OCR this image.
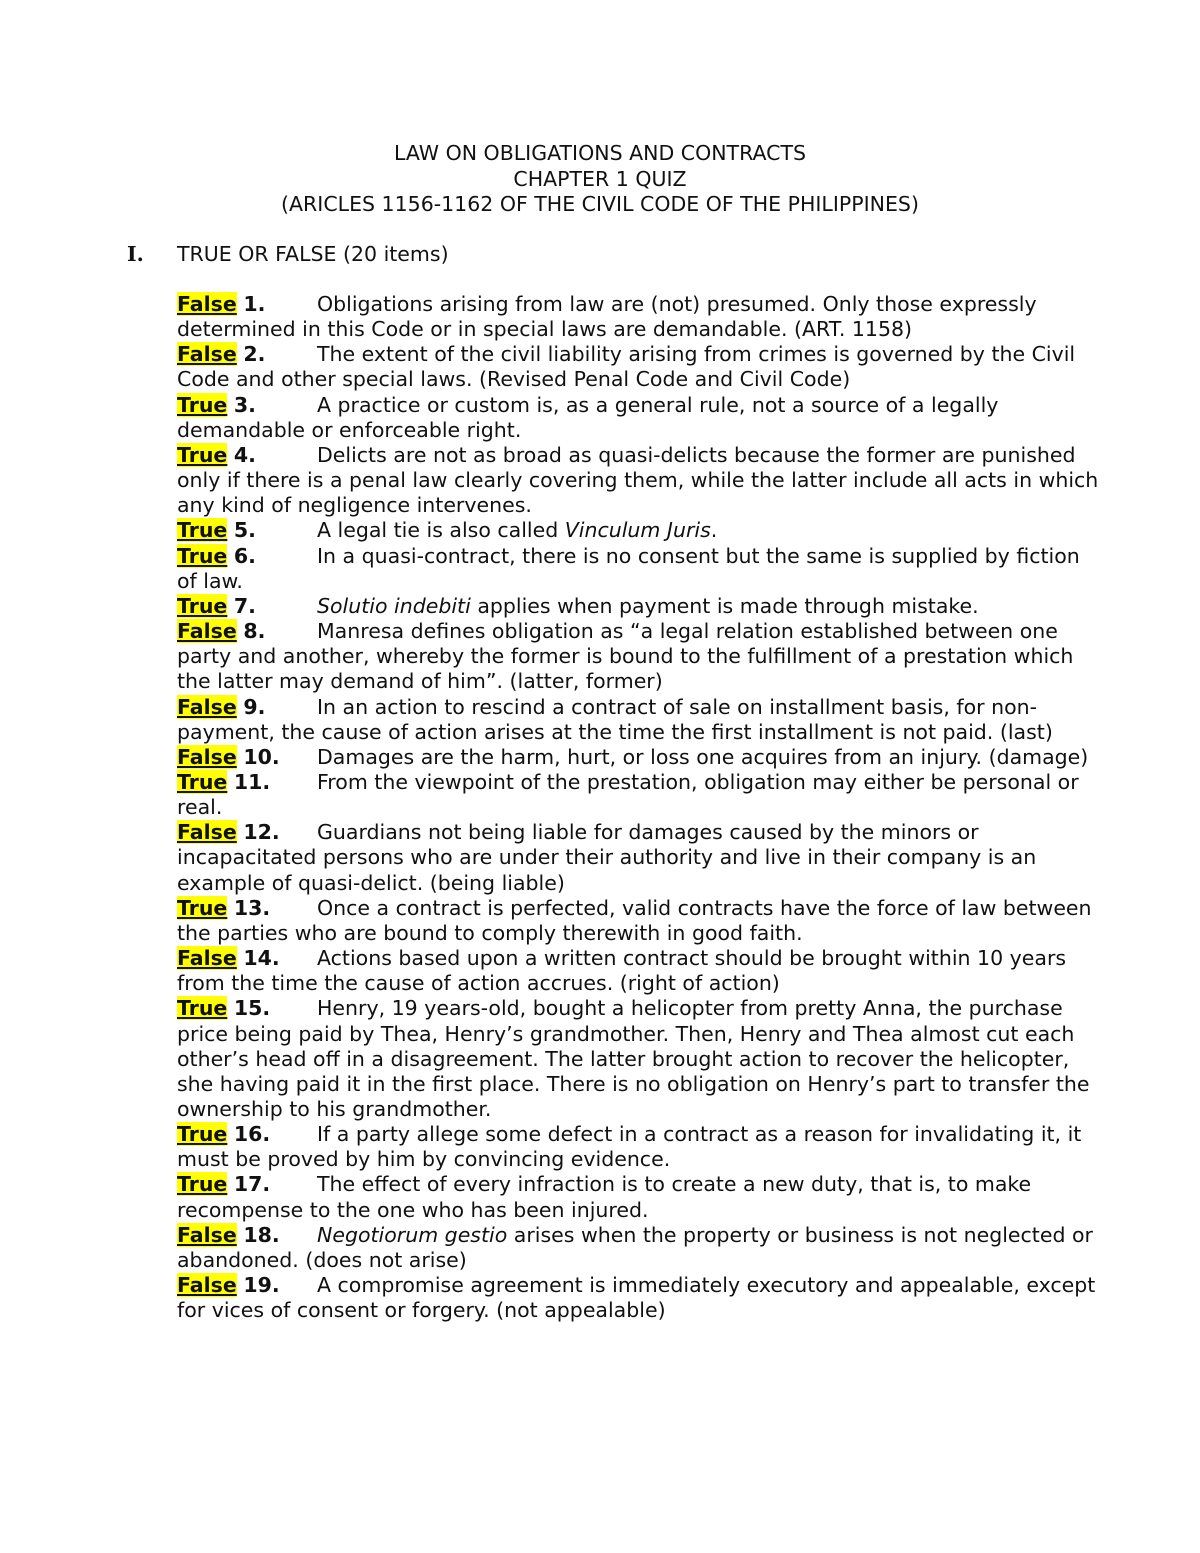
LAW ON OBLIGATIONS AND CONTRACTS
CHAPTER 1 QUIZ
(ARICLES 1156-1162 OF THE CIVIL CODE OF THE PHILIPPINES)
I. TRUE OR FALSE (20 items)

False 1.	Obligations arising from law are (not) presumed. Only those expressly determined in this Code or in special laws are demandable. (ART. 1158)

False 2.	The extent of the civil liability arising from crimes is governed by the Civil Code and other special laws. (Revised Penal Code and Civil Code)

True 3.	A practice or custom is, as a general rule, not a source of a legally demandable or enforceable right.

True 4.	Delicts are not as broad as quasi-delicts because the former are punished only if there is a penal law clearly covering them, while the latter include all acts in which any kind of negligence intervenes.

True 5.	A legal tie is also called Vinculum Juris.

True 6.	In a quasi-contract, there is no consent but the same is supplied by fiction of law.

True 7.	Solutio indebiti applies when payment is made through mistake.

False 8.	Manresa defines obligation as “a legal relation established between one party and another, whereby the former is bound to the fulfillment of a prestation which the latter may demand of him”. (latter, former)

False 9.	In an action to rescind a contract of sale on installment basis, for non-payment, the cause of action arises at the time the first installment is not paid. (last)

False 10. Damages are the harm, hurt, or loss one acquires from an injury. (damage)

True 11. From the viewpoint of the prestation, obligation may either be personal or real.

False 12. Guardians not being liable for damages caused by the minors or incapacitated persons who are under their authority and live in their company is an example of quasi-delict. (being liable)

True 13. Once a contract is perfected, valid contracts have the force of law between the parties who are bound to comply therewith in good faith.

False 14. Actions based upon a written contract should be brought within 10 years from the time the cause of action accrues. (right of action)

True 15. Henry, 19 years-old, bought a helicopter from pretty Anna, the purchase price being paid by Thea, Henry’s grandmother. Then, Henry and Thea almost cut each other’s head off in a disagreement. The latter brought action to recover the helicopter, she having paid it in the first place. There is no obligation on Henry’s part to transfer the ownership to his grandmother.

True 16. If a party allege some defect in a contract as a reason for invalidating it, it must be proved by him by convincing evidence.

True 17. The effect of every infraction is to create a new duty, that is, to make recompense to the one who has been injured.

False 18. Negotiorum gestio arises when the property or business is not neglected or abandoned. (does not arise)

False 19. A compromise agreement is immediately executory and appealable, except for vices of consent or forgery. (not appealable)
